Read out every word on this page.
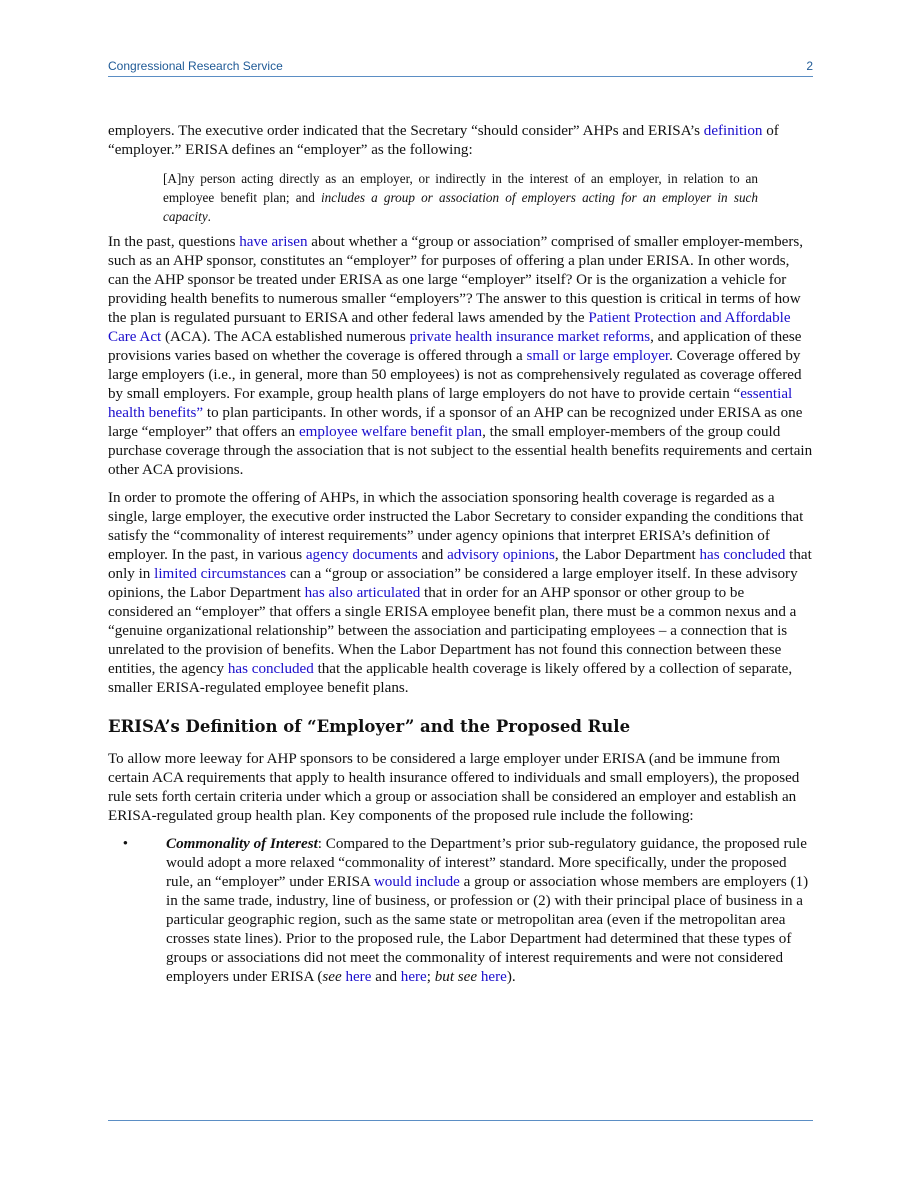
Congressional Research Service	2

employers. The executive order indicated that the Secretary “should consider” AHPs and ERISA’s definition of “employer.” ERISA defines an “employer” as the following:

[A]ny person acting directly as an employer, or indirectly in the interest of an employer, in relation to an employee benefit plan; and includes a group or association of employers acting for an employer in such capacity.

In the past, questions have arisen about whether a “group or association” comprised of smaller employer-members, such as an AHP sponsor, constitutes an “employer” for purposes of offering a plan under ERISA. In other words, can the AHP sponsor be treated under ERISA as one large “employer” itself? Or is the organization a vehicle for providing health benefits to numerous smaller “employers”? The answer to this question is critical in terms of how the plan is regulated pursuant to ERISA and other federal laws amended by the Patient Protection and Affordable Care Act (ACA). The ACA established numerous private health insurance market reforms, and application of these provisions varies based on whether the coverage is offered through a small or large employer. Coverage offered by large employers (i.e., in general, more than 50 employees) is not as comprehensively regulated as coverage offered by small employers. For example, group health plans of large employers do not have to provide certain “essential health benefits” to plan participants. In other words, if a sponsor of an AHP can be recognized under ERISA as one large “employer” that offers an employee welfare benefit plan, the small employer-members of the group could purchase coverage through the association that is not subject to the essential health benefits requirements and certain other ACA provisions.

In order to promote the offering of AHPs, in which the association sponsoring health coverage is regarded as a single, large employer, the executive order instructed the Labor Secretary to consider expanding the conditions that satisfy the “commonality of interest requirements” under agency opinions that interpret ERISA’s definition of employer. In the past, in various agency documents and advisory opinions, the Labor Department has concluded that only in limited circumstances can a “group or association” be considered a large employer itself. In these advisory opinions, the Labor Department has also articulated that in order for an AHP sponsor or other group to be considered an “employer” that offers a single ERISA employee benefit plan, there must be a common nexus and a “genuine organizational relationship” between the association and participating employees – a connection that is unrelated to the provision of benefits. When the Labor Department has not found this connection between these entities, the agency has concluded that the applicable health coverage is likely offered by a collection of separate, smaller ERISA-regulated employee benefit plans.

ERISA’s Definition of “Employer” and the Proposed Rule

To allow more leeway for AHP sponsors to be considered a large employer under ERISA (and be immune from certain ACA requirements that apply to health insurance offered to individuals and small employers), the proposed rule sets forth certain criteria under which a group or association shall be considered an employer and establish an ERISA-regulated group health plan. Key components of the proposed rule include the following:

•	Commonality of Interest: Compared to the Department’s prior sub-regulatory guidance, the proposed rule would adopt a more relaxed “commonality of interest” standard. More specifically, under the proposed rule, an “employer” under ERISA would include a group or association whose members are employers (1) in the same trade, industry, line of business, or profession or (2) with their principal place of business in a particular geographic region, such as the same state or metropolitan area (even if the metropolitan area crosses state lines). Prior to the proposed rule, the Labor Department had determined that these types of groups or associations did not meet the commonality of interest requirements and were not considered employers under ERISA (see here and here; but see here).
